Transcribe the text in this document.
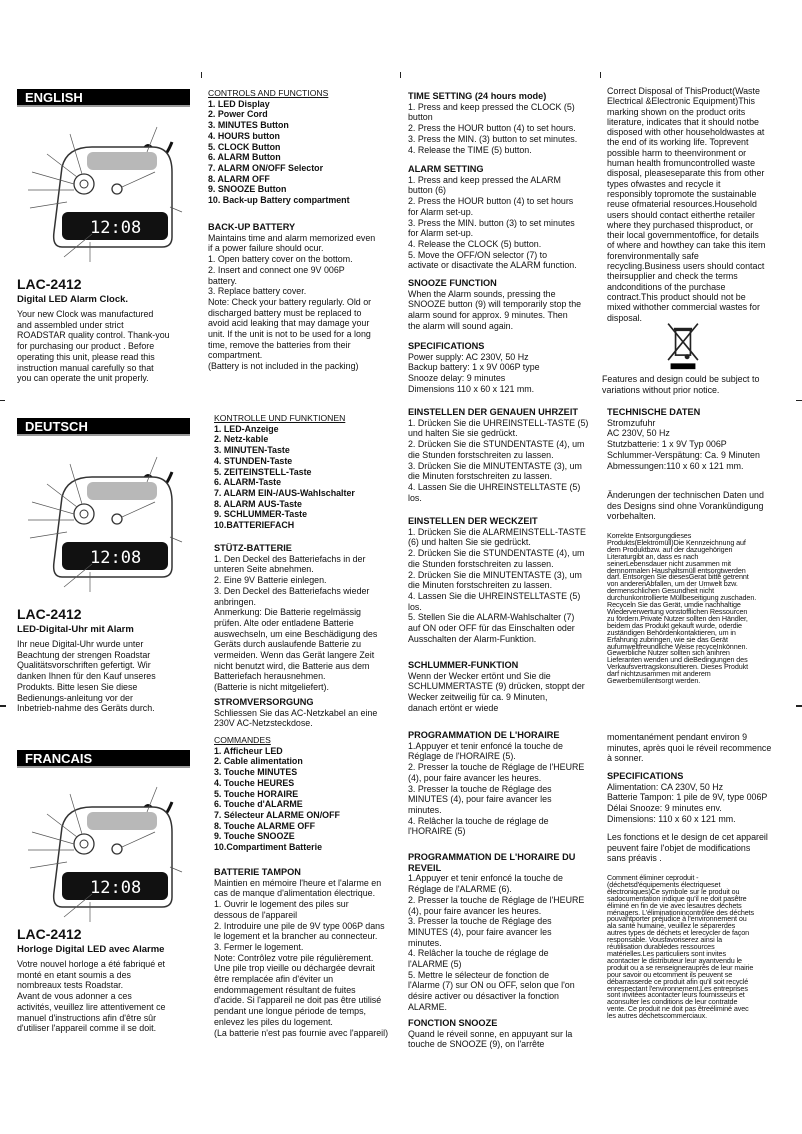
ENGLISH
DEUTSCH
FRANCAIS
12:08
12:08
12:08
LAC-2412
Digital LED Alarm Clock.
Your new Clock was manufactured
and assembled under strict
ROADSTAR quality control. Thank-you
for purchasing our product . Before
operating this unit, please read this
instruction manual carefully so that
you can operate the unit properly.
CONTROLS AND FUNCTIONS
1. LED Display
2. Power Cord
3. MINUTES Button
4. HOURS button
5. CLOCK Button
6. ALARM Button
7. ALARM ON/OFF Selector
8. ALARM OFF
9. SNOOZE Button
10. Back-up Battery compartment
BACK-UP BATTERY
Maintains time and alarm memorized even
if a power failure should ocur.
1. Open battery cover on the bottom.
2. Insert and connect one 9V 006P
battery.
3. Replace battery cover.
Note: Check your battery regularly. Old or
discharged battery must be replaced to
avoid acid leaking that may damage your
unit. If the unit is not to be used for a long
time, remove the batteries from their
compartment.
(Battery is not included in the packing)
TIME SETTING (24 hours mode)
1. Press and keep pressed the CLOCK (5)
button
2. Press the HOUR button (4) to set hours.
3. Press the MIN. (3) button to set minutes.
4. Release the TIME (5) button.
ALARM SETTING
1. Press and keep pressed the ALARM
button (6)
2. Press the HOUR button (4) to set hours
for Alarm set-up.
3. Press the MIN. button (3) to set minutes
for Alarm set-up.
4. Release the CLOCK (5) button.
5. Move the OFF/ON selector (7) to
activate or disactivate the ALARM function.
SNOOZE FUNCTION
When the Alarm sounds, pressing the
SNOOZE button (9) will temporarily stop the
alarm sound for approx. 9 minutes. Then
the alarm will sound again.
SPECIFICATIONS
Power supply: AC 230V, 50 Hz
Backup battery: 1 x 9V 006P type
Snooze delay: 9 minutes
Dimensions 110 x 60 x 121 mm.
Correct Disposal of ThisProduct(Waste
Electrical &Electronic Equipment)This
marking shown on the product orits
literature, indicates that it should notbe
disposed with other householdwastes at
the end of its working life. Toprevent
possible harm to theenvironment or
human health fromuncontrolled waste
disposal, pleaseseparate this from other
types ofwastes and recycle it
responsibly topromote the sustainable
reuse ofmaterial resources.Household
users should contact eitherthe retailer
where they purchased thisproduct, or
their local governmentoffice, for details
of where and howthey can take this item
forenvironmentally safe
recycling.Business users should contact
theirsupplier and check the terms
andconditions of the purchase
contract.This product should not be
mixed withother commercial wastes for
disposal.
Features and design could be subject to
variations without prior notice.
LAC-2412
LED-Digital-Uhr mit Alarm
Ihr neue Digital-Uhr wurde unter
Beachtung der strengen Roadstar
Qualitätsvorschriften gefertigt. Wir
danken Ihnen für den Kauf unseres
Produkts. Bitte lesen Sie diese
Bedienungs-anleitung vor der
Inbetrieb-nahme des Geräts durch.
KONTROLLE UND FUNKTIONEN
1. LED-Anzeige
2. Netz-kable
3. MINUTEN-Taste
4. STUNDEN-Taste
5. ZEITEINSTELL-Taste
6. ALARM-Taste
7. ALARM EIN-/AUS-Wahlschalter
8. ALARM AUS-Taste
9. SCHLUMMER-Taste
10.BATTERIEFACH
STÜTZ-BATTERIE
1. Den Deckel des Batteriefachs in der
unteren Seite abnehmen.
2. Eine 9V Batterie einlegen.
3. Den Deckel des Batteriefachs wieder
anbringen.
Anmerkung: Die Batterie regelmässig
prüfen. Alte oder entladene Batterie
auswechseln, um eine Beschädigung des
Geräts durch auslaufende Batterie zu
vermeiden. Wenn das Gerät langere Zeit
nicht benutzt wird, die Batterie aus dem
Batteriefach herausnehmen.
(Batterie is nicht mitgeliefert).
STROMVERSORGUNG
Schliessen Sie das AC-Netzkabel an eine
230V AC-Netzsteckdose.
EINSTELLEN DER GENAUEN UHRZEIT
1. Drücken Sie die UHREINSTELL-TASTE (5)
und halten Sie sie gedrückt.
2. Drücken Sie die STUNDENTASTE (4), um
die Stunden forstschreiten zu lassen.
3. Drücken Sie die MINUTENTASTE (3), um
die Minuten forstschreiten zu lassen.
4. Lassen Sie die UHREINSTELLTASTE (5)
los.
EINSTELLEN DER WECKZEIT
1. Drücken Sie die ALARMEINSTELL-TASTE
(6) und halten Sie sie gedrückt.
2. Drücken Sie die STUNDENTASTE (4), um
die Stunden forstschreiten zu lassen.
2. Drücken Sie die MINUTENTASTE (3), um
die Minuten forstschreiten zu lassen.
4. Lassen Sie die UHREINSTELLTASTE (5)
los.
5. Stellen Sie die ALARM-Wahlschalter (7)
auf ON oder OFF für das Einschalten oder
Ausschalten der Alarm-Funktion.
SCHLUMMER-FUNKTION
Wenn der Wecker ertönt und Sie die
SCHLUMMERTASTE (9) drücken, stoppt der
Wecker zeitweilig für ca. 9 Minuten,
danach ertönt er wiede
TECHNISCHE DATEN
Stromzufuhr
AC 230V, 50 Hz
Stutzbatterie: 1 x 9V Typ 006P
Schlummer-Verspätung: Ca. 9 Minuten
Abmessungen:110 x 60 x 121 mm.
Änderungen der technischen Daten und
des Designs sind ohne Vorankündigung
vorbehalten.
Korrekte Entsorgungdieses
Produkts(Elektromüll)Die Kennzeichnung auf
dem Produktbzw. auf der dazugehörigen
Literaturgibt an, dass es nach
seinerLebensdauer nicht zusammen mit
demnormalen Haushaltsmüll entsorgtwerden
darf. Entsorgen Sie diesesGerat bitte getrennt
von anderenAbfallen, um der Umwelt bzw.
dermenschlichen Gesundheit nicht
durchunkontrollierte Müllbeseitigung zuschaden.
Recyceln Sie das Gerät, umdie nachhaltige
Wiederverwertung vonstofflichen Ressourcen
zu fördern.Private Nutzer sollten den Händler,
beidem das Produkt gekauft wurde, oderdie
zuständigen Behördenkontaktieren, um in
Erfahrung zubringen, wie sie das Gerät
aufumweltfreundliche Weise recyceInkönnen.
Gewerbliche Nutzer sollten sich anihren
Lieferanten wenden und dieBedingungen des
Verkaufsvertragskonsultieren. Dieses Produkt
darf nichtzusammen mit anderem
Gewerbemüllentsorgt werden.
LAC-2412
Horloge Digital LED avec Alarme
Votre nouvel horloge a été fabriqué et
monté en etant soumis a des
nombreaux tests Roadstar.
Avant de vous adonner a ces
activités, veuillez lire attentivement ce
manuel d'instructions afin d'être sûr
d'utiliser l'appareil comme il se doit.
COMMANDES
1. Afficheur LED
2. Cable alimentation
3. Touche MINUTES
4. Touche HEURES
5. Touche HORAIRE
6. Touche d'ALARME
7. Sélecteur ALARME ON/OFF
8. Touche ALARME OFF
9. Touche SNOOZE
10.Compartiment Batterie
BATTERIE TAMPON
Maintien en mémoire l'heure et l'alarme en
cas de manque d'alimentation électrique.
1. Ouvrir le logement des piles sur
dessous de l'appareil
2. Introduire une pile de 9V type 006P dans
le logement et la brancher au connecteur.
3. Fermer le logement.
Note: Contrôlez votre pile régulièrement.
Une pile trop vieille ou déchargée devrait
être remplacée afin d'éviter un
endommagement résultant de fuites
d'acide. Si l'appareil ne doit pas être utilisé
pendant une longue période de temps,
enlevez les piles du logement.
(La batterie n'est pas fournie avec l'appareil)
PROGRAMMATION DE L'HORAIRE
1.Appuyer et tenir enfoncé la touche de
Réglage de l'HORAIRE (5).
2. Presser la touche de Réglage de l'HEURE
(4), pour faire avancer les heures.
3. Presser la touche de Réglage des
MINUTES (4), pour faire avancer les
minutes.
4. Relâcher la touche de réglage de
l'HORAIRE (5)
PROGRAMMATION DE L'HORAIRE DU
REVEIL
1.Appuyer et tenir enfoncé la touche de
Réglage de l'ALARME (6).
2. Presser la touche de Réglage de l'HEURE
(4), pour faire avancer les heures.
3. Presser la touche de Réglage des
MINUTES (4), pour faire avancer les
minutes.
4. Relâcher la touche de réglage de
l'ALARME (5)
5. Mettre le sélecteur de fonction de
l'Alarme (7) sur ON ou OFF, selon que l'on
désire activer ou désactiver la fonction
ALARME.
FONCTION SNOOZE
Quand le réveil sonne, en appuyant sur la
touche de SNOOZE (9), on l'arrête
momentanément pendant environ 9
minutes, après quoi le réveil recommence
à sonner.
SPECIFICATIONS
Alimentation: CA 230V, 50 Hz
Batterie Tampon: 1 pile de 9V, type 006P
Délai Snooze: 9 minutes env.
Dimensions: 110 x 60 x 121 mm.
Les fonctions et le design de cet appareil
peuvent faire l'objet de modifications
sans préavis .
Comment éliminer ceproduit -
(déchetsd'équipements électriqueset
électroniques)Ce symbole sur le produit ou
sadocumentation indique qu'il ne doit pasêtre
éliminé en fin de vie avec lesautres déchets
ménagers. L'éliminationincontrôlée des déchets
pouvantporter préjudice à l'environnement ou
ala santé humaine, veuillez le séparerdes
autres types de déchets et lerecycler de façon
responsable. Vousfavoriserez ainsi la
réutilisation durabledes ressources
matérielles.Les particuliers sont invites
acontacter le distributeur leur ayantvendu le
produit ou a se renseignerauprès de leur mairie
pour savoir ou etcomment ils peuvent se
débarrasserde ce produit afin qu'il soit recyclé
enrespectant l'environnement.Les entreprises
sont invitées acontacter leurs fournisseurs et
aconsulter les conditions de leur contratde
vente. Ce produit ne doit pas êtreéliminé avec
les autres déchetscommerciaux.
